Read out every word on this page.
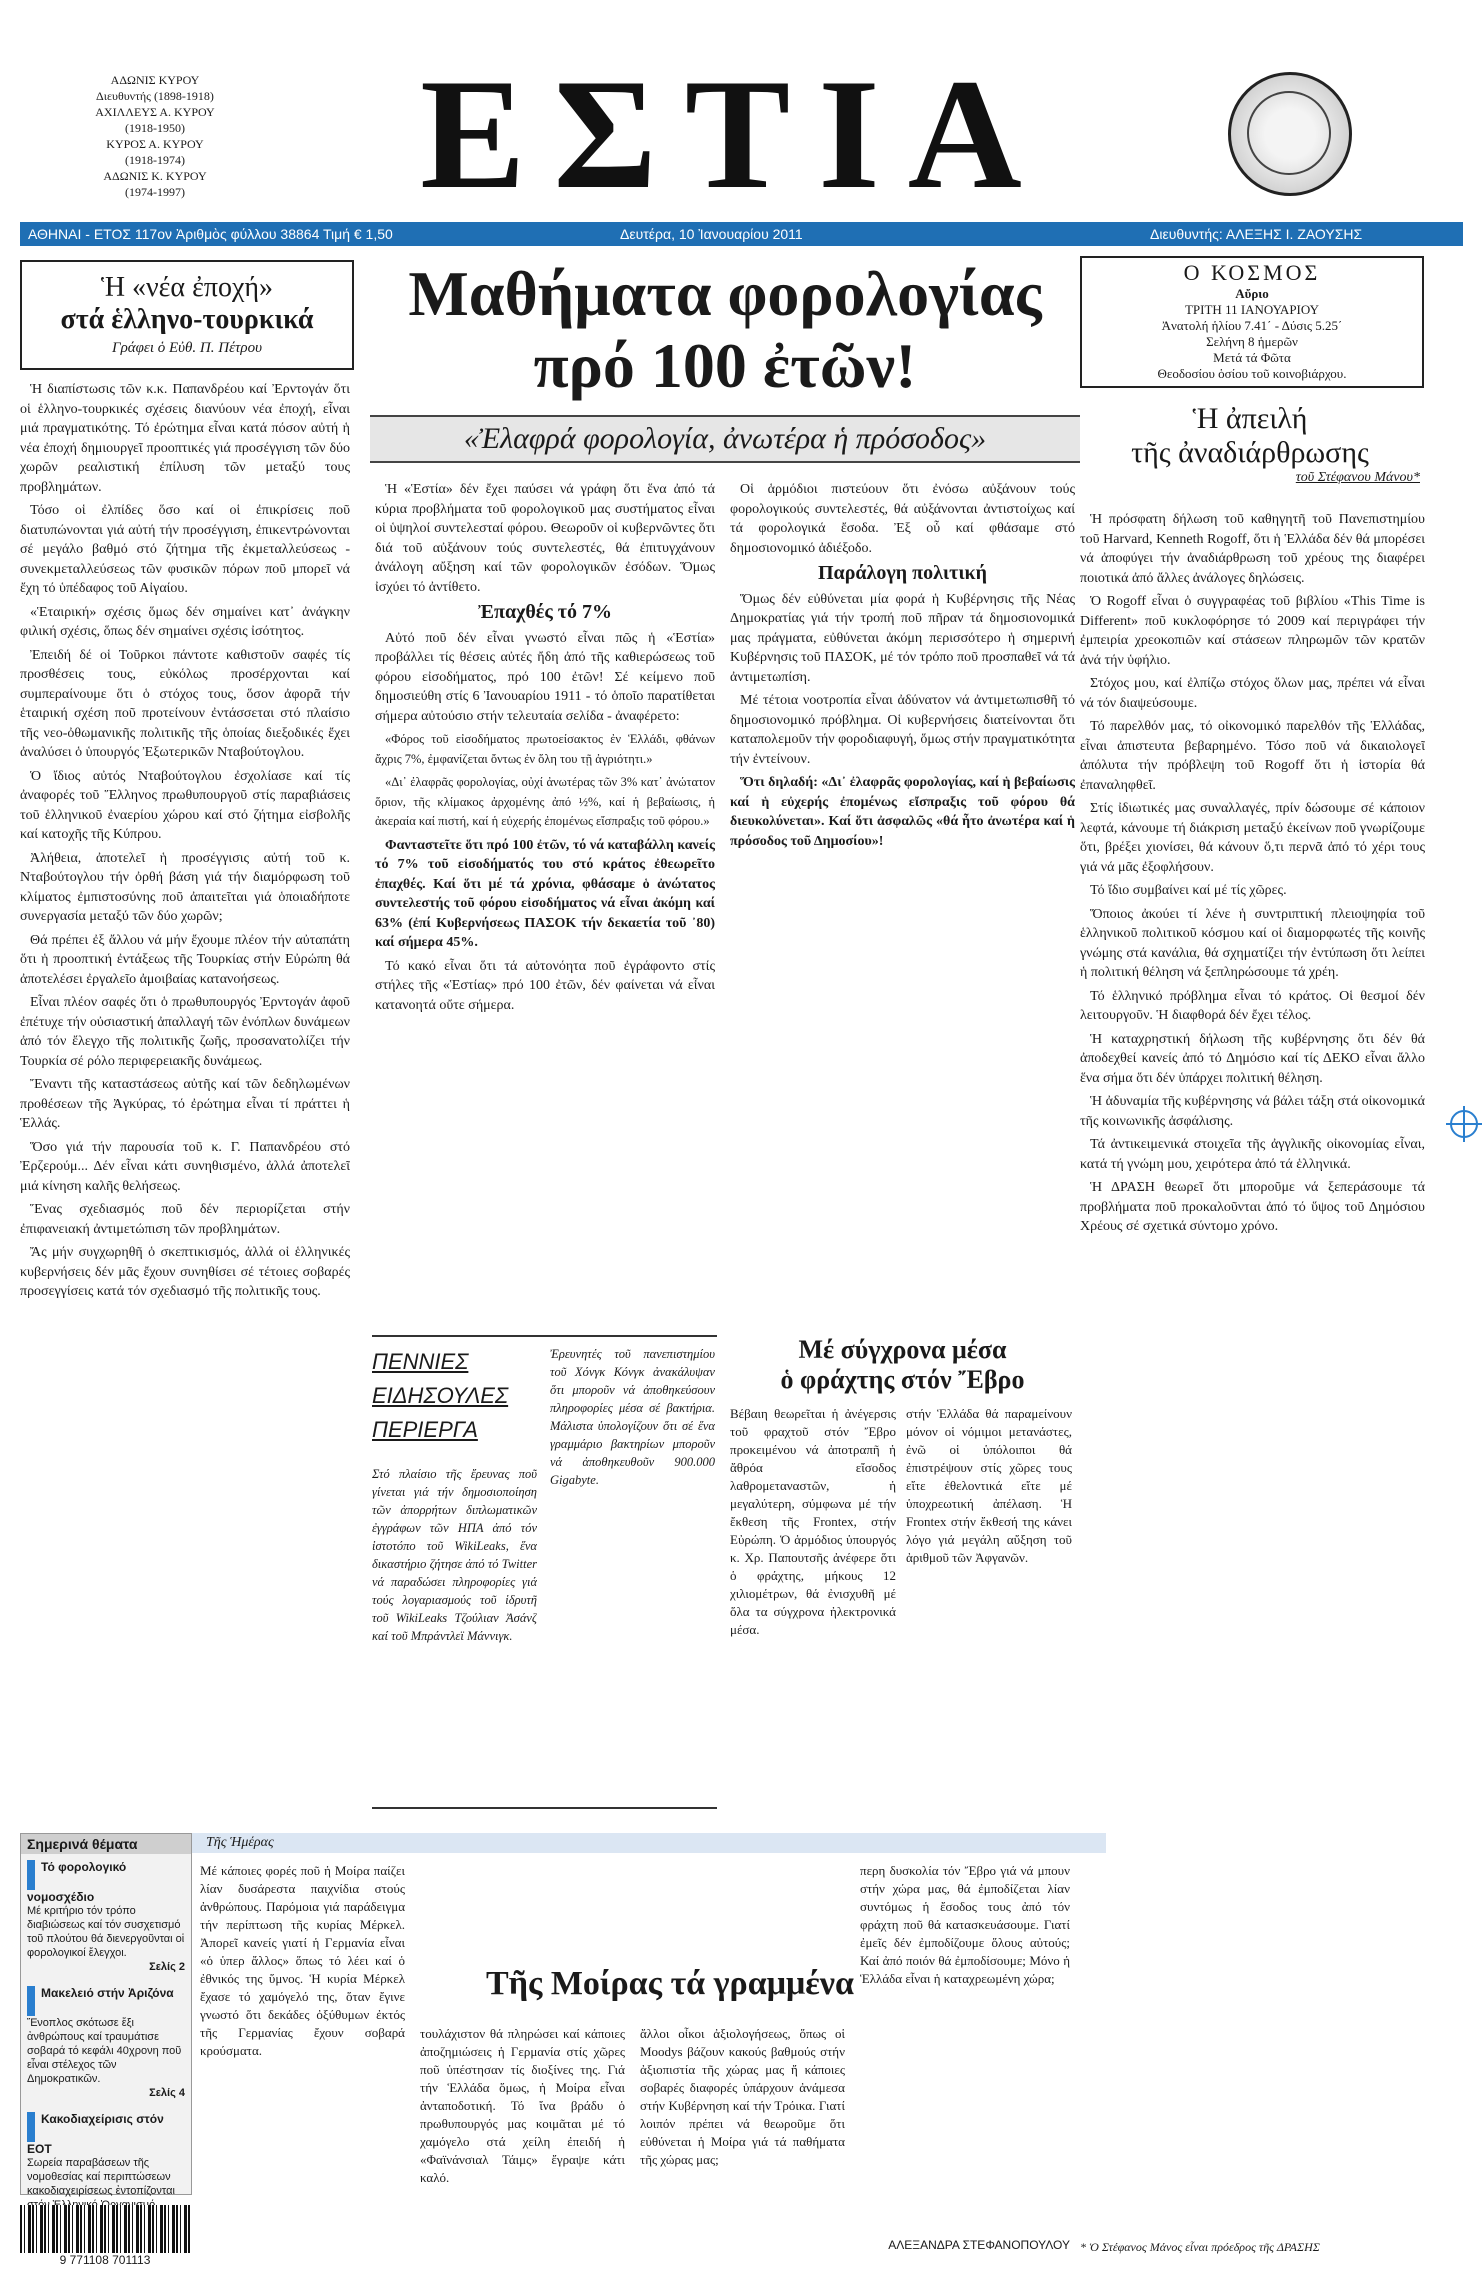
ΑΔΩΝΙΣ ΚΥΡΟΥ
Διευθυντής (1898-1918)
ΑΧΙΛΛΕΥΣ Α. ΚΥΡΟΥ
(1918-1950)
ΚΥΡΟΣ Α. ΚΥΡΟΥ
(1918-1974)
ΑΔΩΝΙΣ Κ. ΚΥΡΟΥ
(1974-1997)	ΕΣΤΙΑ
ΑΘΗΝΑΙ - ΕΤΟΣ 117ον Ἀριθμὸς φύλλου 38864 Τιμή € 1,50	Δευτέρα, 10 Ἰανουαρίου 2011	Διευθυντής: ΑΛΕΞΗΣ Ι. ΖΑΟΥΣΗΣ
Ἡ «νέα ἐποχή»
στά ἑλληνο-τουρκικά
Γράφει ὁ Εὐθ. Π. Πέτρου

Ἡ διαπίστωσις τῶν κ.κ. Παπανδρέου καί Ἐρντογάν ὅτι οἱ ἑλληνο-τουρκικές σχέσεις διανύουν νέα ἐποχή, εἶναι μιά πραγματικότης. Τό ἐρώτημα εἶναι κατά πόσον αὐτή ἡ νέα ἐποχή δημιουργεῖ προοπτικές γιά προσέγγιση τῶν δύο χωρῶν ρεαλιστική ἐπίλυση τῶν μεταξύ τους προβλημάτων.

Τόσο οἱ ἐλπίδες ὅσο καί οἱ ἐπικρίσεις ποῦ διατυπώνονται γιά αὐτή τήν προσέγγιση, ἐπικεντρώνονται σέ μεγάλο βαθμό στό ζήτημα τῆς ἐκμεταλλεύσεως - συνεκμεταλλεύσεως τῶν φυσικῶν πόρων ποῦ μπορεῖ νά ἔχη τό ὑπέδαφος τοῦ Αἰγαίου.

«Ἑταιρική» σχέσις ὅμως δέν σημαίνει κατ᾽ ἀνάγκην φιλική σχέσις, ὅπως δέν σημαίνει σχέσις ἰσότητος.

Ἐπειδή δέ οἱ Τοῦρκοι πάντοτε καθιστοῦν σαφές τίς προσθέσεις τους, εὐκόλως προσέρχονται καί συμπεραίνουμε ὅτι ὁ στόχος τους, ὅσον ἀφορᾶ τήν ἑταιρική σχέση ποῦ προτείνουν ἐντάσσεται στό πλαίσιο τῆς νεο-ὀθωμανικῆς πολιτικῆς τῆς ὁποίας διεξοδικές ἔχει ἀναλύσει ὁ ὑπουργός Ἐξωτερικῶν Νταβούτογλου.

Ὁ ἴδιος αὐτός Νταβούτογλου ἐσχολίασε καί τίς ἀναφορές τοῦ Ἕλληνος πρωθυπουργοῦ στίς παραβιάσεις τοῦ ἑλληνικοῦ ἐναερίου χώρου καί στό ζήτημα εἰσβολῆς καί κατοχῆς τῆς Κύπρου.

Ἀλήθεια, ἀποτελεῖ ἡ προσέγγισις αὐτή τοῦ κ. Νταβούτογλου τήν ὀρθή βάση γιά τήν διαμόρφωση τοῦ κλίματος ἐμπιστοσύνης ποῦ ἀπαιτεῖται γιά ὁποιαδήποτε συνεργασία μεταξύ τῶν δύο χωρῶν;

Θά πρέπει ἐξ ἄλλου νά μήν ἔχουμε πλέον τήν αὐταπάτη ὅτι ἡ προοπτική ἐντάξεως τῆς Τουρκίας στήν Εὐρώπη θά ἀποτελέσει ἐργαλεῖο ἀμοιβαίας κατανοήσεως.

Εἶναι πλέον σαφές ὅτι ὁ πρωθυπουργός Ἐρντογάν ἀφοῦ ἐπέτυχε τήν οὐσιαστική ἀπαλλαγή τῶν ἐνόπλων δυνάμεων ἀπό τόν ἔλεγχο τῆς πολιτικῆς ζωῆς, προσανατολίζει τήν Τουρκία σέ ρόλο περιφερειακῆς δυνάμεως.

Ἔναντι τῆς καταστάσεως αὐτῆς καί τῶν δεδηλωμένων προθέσεων τῆς Ἀγκύρας, τό ἐρώτημα εἶναι τί πράττει ἡ Ἑλλάς.

Ὅσο γιά τήν παρουσία τοῦ κ. Γ. Παπανδρέου στό Ἐρζερούμ... Δέν εἶναι κάτι συνηθισμένο, ἀλλά ἀποτελεῖ μιά κίνηση καλῆς θελήσεως.

Ἕνας σχεδιασμός ποῦ δέν περιορίζεται στήν ἐπιφανειακή ἀντιμετώπιση τῶν προβλημάτων.

Ἄς μήν συγχωρηθῆ ὁ σκεπτικισμός, ἀλλά οἱ ἑλληνικές κυβερνήσεις δέν μᾶς ἔχουν συνηθίσει σέ τέτοιες σοβαρές προσεγγίσεις κατά τόν σχεδιασμό τῆς πολιτικῆς τους.

Μαθήματα φορολογίας
πρό 100 ἐτῶν!
«Ἐλαφρά φορολογία, ἀνωτέρα ἡ πρόσοδος»

Ἡ «Ἑστία» δέν ἔχει παύσει νά γράφη ὅτι ἕνα ἀπό τά κύρια προβλήματα τοῦ φορολογικοῦ μας συστήματος εἶναι οἱ ὑψηλοί συντελεσταί φόρου. Θεωροῦν οἱ κυβερνῶντες ὅτι διά τοῦ αὐξάνουν τούς συντελεστές, θά ἐπιτυγχάνουν ἀνάλογη αὔξηση καί τῶν φορολογικῶν ἐσόδων. Ὅμως ἰσχύει τό ἀντίθετο.

Ἐπαχθές τό 7%

Αὐτό ποῦ δέν εἶναι γνωστό εἶναι πῶς ἡ «Ἑστία» προβάλλει τίς θέσεις αὐτές ἤδη ἀπό τῆς καθιερώσεως τοῦ φόρου εἰσοδήματος, πρό 100 ἐτῶν! Σέ κείμενο ποῦ δημοσιεύθη στίς 6 Ἰανουαρίου 1911 - τό ὁποῖο παρατίθεται σήμερα αὐτούσιο στήν τελευταία σελίδα - ἀναφέρετο:

«Φόρος τοῦ εἰσοδήματος πρωτοείσακτος ἐν Ἑλλάδι, φθάνων ἄχρις 7%, ἐμφανίζεται ὄντως ἐν ὅλη του τῇ ἀγριότητι.»

«Δι᾽ ἐλαφρᾶς φορολογίας, οὐχί ἀνωτέρας τῶν 3% κατ᾽ ἀνώτατον ὅριον, τῆς κλίμακος ἀρχομένης ἀπό ½%, καί ἡ βεβαίωσις, ἡ ἀκεραία καί πιστή, καί ἡ εὐχερής ἐπομένως εἴσπραξις τοῦ φόρου.»

Φανταστεῖτε ὅτι πρό 100 ἐτῶν, τό νά καταβάλλη κανείς τό 7% τοῦ εἰσοδήματός του στό κράτος ἐθεωρεῖτο ἐπαχθές. Καί ὅτι μέ τά χρόνια, φθάσαμε ὁ ἀνώτατος συντελεστής τοῦ φόρου εἰσοδήματος νά εἶναι ἀκόμη καί 63% (ἐπί Κυβερνήσεως ΠΑΣΟΚ τήν δεκαετία τοῦ ᾽80) καί σήμερα 45%.

Τό κακό εἶναι ὅτι τά αὐτονόητα ποῦ ἐγράφοντο στίς στήλες τῆς «Ἑστίας» πρό 100 ἐτῶν, δέν φαίνεται νά εἶναι κατανοητά οὔτε σήμερα.

Οἱ ἁρμόδιοι πιστεύουν ὅτι ἐνόσω αὐξάνουν τούς φορολογικούς συντελεστές, θά αὐξάνονται ἀντιστοίχως καί τά φορολογικά ἔσοδα. Ἐξ οὗ καί φθάσαμε στό δημοσιονομικό ἀδιέξοδο.

Παράλογη πολιτική

Ὅμως δέν εὐθύνεται μία φορά ἡ Κυβέρνησις τῆς Νέας Δημοκρατίας γιά τήν τροπή ποῦ πῆραν τά δημοσιονομικά μας πράγματα, εὐθύνεται ἀκόμη περισσότερο ἡ σημερινή Κυβέρνησις τοῦ ΠΑΣΟΚ, μέ τόν τρόπο ποῦ προσπαθεῖ νά τά ἀντιμετωπίση.

Μέ τέτοια νοοτροπία εἶναι ἀδύνατον νά ἀντιμετωπισθῆ τό δημοσιονομικό πρόβλημα. Οἱ κυβερνήσεις διατείνονται ὅτι καταπολεμοῦν τήν φοροδιαφυγή, ὅμως στήν πραγματικότητα τήν ἐντείνουν.

Ὅτι δηλαδή: «Δι᾽ ἐλαφρᾶς φορολογίας, καί ἡ βεβαίωσις καί ἡ εὐχερής ἐπομένως εἴσπραξις τοῦ φόρου θά διευκολύνεται». Καί ὅτι ἀσφαλῶς «θά ἦτο ἀνωτέρα καί ἡ πρόσοδος τοῦ Δημοσίου»!

Ο ΚΟΣΜΟΣ
Αὔριο
ΤΡΙΤΗ 11 ΙΑΝΟΥΑΡΙΟΥ
Ἀνατολή ἡλίου 7.41΄ - Δύσις 5.25΄
Σελήνη 8 ἡμερῶν
Μετά τά Φῶτα
Θεοδοσίου ὁσίου τοῦ κοινοβιάρχου.
Ἡ ἀπειλή
τῆς ἀναδιάρθρωσης
τοῦ Στέφανου Μάνου*

Ἡ πρόσφατη δήλωση τοῦ καθηγητῆ τοῦ Πανεπιστημίου τοῦ Harvard, Kenneth Rogoff, ὅτι ἡ Ἑλλάδα δέν θά μπορέσει νά ἀποφύγει τήν ἀναδιάρθρωση τοῦ χρέους της διαφέρει ποιοτικά ἀπό ἄλλες ἀνάλογες δηλώσεις.

Ὁ Rogoff εἶναι ὁ συγγραφέας τοῦ βιβλίου «This Time is Different» ποῦ κυκλοφόρησε τό 2009 καί περιγράφει τήν ἐμπειρία χρεοκοπιῶν καί στάσεων πληρωμῶν τῶν κρατῶν ἀνά τήν ὑφήλιο.

Στόχος μου, καί ἐλπίζω στόχος ὅλων μας, πρέπει νά εἶναι νά τόν διαψεύσουμε.

Τό παρελθόν μας, τό οἰκονομικό παρελθόν τῆς Ἑλλάδας, εἶναι ἀπιστευτα βεβαρημένο. Τόσο ποῦ νά δικαιολογεῖ ἀπόλυτα τήν πρόβλεψη τοῦ Rogoff ὅτι ἡ ἱστορία θά ἐπαναληφθεῖ.

Στίς ἰδιωτικές μας συναλλαγές, πρίν δώσουμε σέ κάποιον λεφτά, κάνουμε τή διάκριση μεταξύ ἐκείνων ποῦ γνωρίζουμε ὅτι, βρέξει χιονίσει, θά κάνουν ὅ,τι περνᾶ ἀπό τό χέρι τους γιά νά μᾶς ἐξοφλήσουν.

Τό ἴδιο συμβαίνει καί μέ τίς χῶρες.

Ὅποιος ἀκούει τί λένε ἡ συντριπτική πλειοψηφία τοῦ ἑλληνικοῦ πολιτικοῦ κόσμου καί οἱ διαμορφωτές τῆς κοινῆς γνώμης στά κανάλια, θά σχηματίζει τήν ἐντύπωση ὅτι λείπει ἡ πολιτική θέληση νά ξεπληρώσουμε τά χρέη.

Τό ἑλληνικό πρόβλημα εἶναι τό κράτος. Οἱ θεσμοί δέν λειτουργοῦν. Ἡ διαφθορά δέν ἔχει τέλος.

Ἡ καταχρηστική δήλωση τῆς κυβέρνησης ὅτι δέν θά ἀποδεχθεί κανείς ἀπό τό Δημόσιο καί τίς ΔΕΚΟ εἶναι ἄλλο ἕνα σήμα ὅτι δέν ὑπάρχει πολιτική θέληση.

Ἡ ἀδυναμία τῆς κυβέρνησης νά βάλει τάξη στά οἰκονομικά τῆς κοινωνικῆς ἀσφάλισης.

Τά ἀντικειμενικά στοιχεῖα τῆς ἀγγλικῆς οἰκονομίας εἶναι, κατά τή γνώμη μου, χειρότερα ἀπό τά ἑλληνικά.

Ἡ ΔΡΑΣΗ θεωρεῖ ὅτι μποροῦμε νά ξεπεράσουμε τά προβλήματα ποῦ προκαλοῦνται ἀπό τό ὕψος τοῦ Δημόσιου Χρέους σέ σχετικά σύντομο χρόνο.

* Ὁ Στέφανος Μάνος εἶναι πρόεδρος τῆς ΔΡΑΣΗΣ
ΠΕΝΝΙΕΣ
ΕΙΔΗΣΟΥΛΕΣ
ΠΕΡΙΕΡΓΑ
Στό πλαίσιο τῆς ἔρευνας ποῦ γίνεται γιά τήν δημοσιοποίηση τῶν ἀπορρήτων διπλωματικῶν ἐγγράφων τῶν ΗΠΑ ἀπό τόν ἱστοτόπο τοῦ WikiLeaks, ἕνα δικαστήριο ζήτησε ἀπό τό Twitter νά παραδώσει πληροφορίες γιά τούς λογαριασμούς τοῦ ἱδρυτῆ τοῦ WikiLeaks Τζούλιαν Ἀσάνζ καί τοῦ Μπράντλεϊ Μάννιγκ.
Ἐρευνητές τοῦ πανεπιστημίου τοῦ Χόνγκ Κόνγκ ἀνακάλυψαν ὅτι μποροῦν νά ἀποθηκεύσουν πληροφορίες μέσα σέ βακτήρια. Μάλιστα ὑπολογίζουν ὅτι σέ ἕνα γραμμάριο βακτηρίων μποροῦν νά ἀποθηκευθοῦν 900.000 Gigabyte.
Μέ σύγχρονα μέσα
ὁ φράχτης στόν Ἔβρο
Βέβαιη θεωρεῖται ἡ ἀνέγερσις τοῦ φραχτοῦ στόν Ἔβρο προκειμένου νά ἀποτραπῆ ἡ ἄθρόα εἴσοδος λαθρομεταναστῶν, ἡ μεγαλύτερη, σύμφωνα μέ τήν ἔκθεση τῆς Frontex, στήν Εὐρώπη. Ὁ ἁρμόδιος ὑπουργός κ. Χρ. Παπουτσῆς ἀνέφερε ὅτι ὁ φράχτης, μήκους 12 χιλιομέτρων, θά ἐνισχυθῆ μέ ὅλα τα σύγχρονα ἠλεκτρονικά μέσα.
στήν Ἑλλάδα θά παραμείνουν μόνον οἱ νόμιμοι μετανάστες, ἐνῶ οἱ ὑπόλοιποι θά ἐπιστρέψουν στίς χῶρες τους εἴτε ἐθελοντικά εἴτε μέ ὑποχρεωτική ἀπέλαση. Ἡ Frontex στήν ἔκθεσή της κάνει λόγο γιά μεγάλη αὔξηση τοῦ ἀριθμοῦ τῶν Ἀφγανῶν.
Σημερινά θέματα
Τό φορολογικό νομοσχέδιο
Μέ κριτήριο τόν τρόπο διαβιώσεως καί τόν συσχετισμό τοῦ πλούτου θά διενεργοῦνται οἱ φορολογικοί ἔλεγχοι.
Σελίς 2
Μακελειό στήν Ἀριζόνα
Ἔνοπλος σκότωσε ἕξι ἀνθρώπους καί τραυμάτισε σοβαρά τό κεφάλι 40χρονη ποῦ εἶναι στέλεχος τῶν Δημοκρατικῶν.
Σελίς 4
Κακοδιαχείρισις στόν ΕΟΤ
Σωρεία παραβάσεων τῆς νομοθεσίας καί περιπτώσεων κακοδιαχειρίσεως ἐντοπίζονται
9 771108 701113
Τῆς Ἡμέρας
Μέ κάποιες φορές ποῦ ἡ Μοίρα παίζει λίαν δυσάρεστα παιχνίδια στούς ἀνθρώπους. Παρόμοια γιά παράδειγμα τήν περίπτωση τῆς κυρίας Μέρκελ. Ἀπορεῖ κανείς γιατί ἡ Γερμανία εἶναι «ὁ ὑπερ ἄλλος» ὅπως τό λέει καί ὁ ἐθνικός της ὕμνος. Ἡ κυρία Μέρκελ ἔχασε τό χαμόγελό της, ὅταν ἔγινε γνωστό ὅτι δεκάδες ὀξύθυμων ἐκτός τῆς Γερμανίας ἔχουν σοβαρά κρούσματα.
Τῆς Μοίρας τά γραμμένα
τουλάχιστον θά πληρώσει καί κάποιες ἀποζημιώσεις ἡ Γερμανία στίς χῶρες ποῦ ὑπέστησαν τίς διοξίνες της. Γιά τήν Ἑλλάδα ὅμως, ἡ Μοίρα εἶναι ἀνταποδοτική. Τό ἴνα βράδυ ὁ πρωθυπουργός μας κοιμᾶται μέ τό χαμόγελο στά χείλη ἐπειδή ἡ «Φαϊνάνσιαλ Τάιμς» ἔγραψε κάτι καλό.
ἄλλοι οἶκοι ἀξιολογήσεως, ὅπως οἱ Moodys βάζουν κακούς βαθμούς στήν ἀξιοπιστία τῆς χώρας μας ἤ κάποιες σοβαρές διαφορές ὑπάρχουν ἀνάμεσα στήν Κυβέρνηση καί τήν Τρόικα. Γιατί λοιπόν πρέπει νά θεωροῦμε ὅτι εὐθύνεται ἡ Μοίρα γιά τά παθήματα τῆς χώρας μας;
περη δυσκολία τόν Ἔβρο γιά νά μπουν στήν χώρα μας, θά ἐμποδίζεται λίαν συντόμως ἡ ἔσοδος τους ἀπό τόν φράχτη ποῦ θά κατασκευάσουμε. Γιατί ἐμεῖς δέν ἐμποδίζουμε ὅλους αὐτούς; Καί ἀπό ποιόν θά ἐμποδίσουμε; Μόνο ἡ Ἑλλάδα εἶναι ἡ καταχρεωμένη χώρα;
ΑΛΕΞΑΝΔΡΑ ΣΤΕΦΑΝΟΠΟΥΛΟΥ
